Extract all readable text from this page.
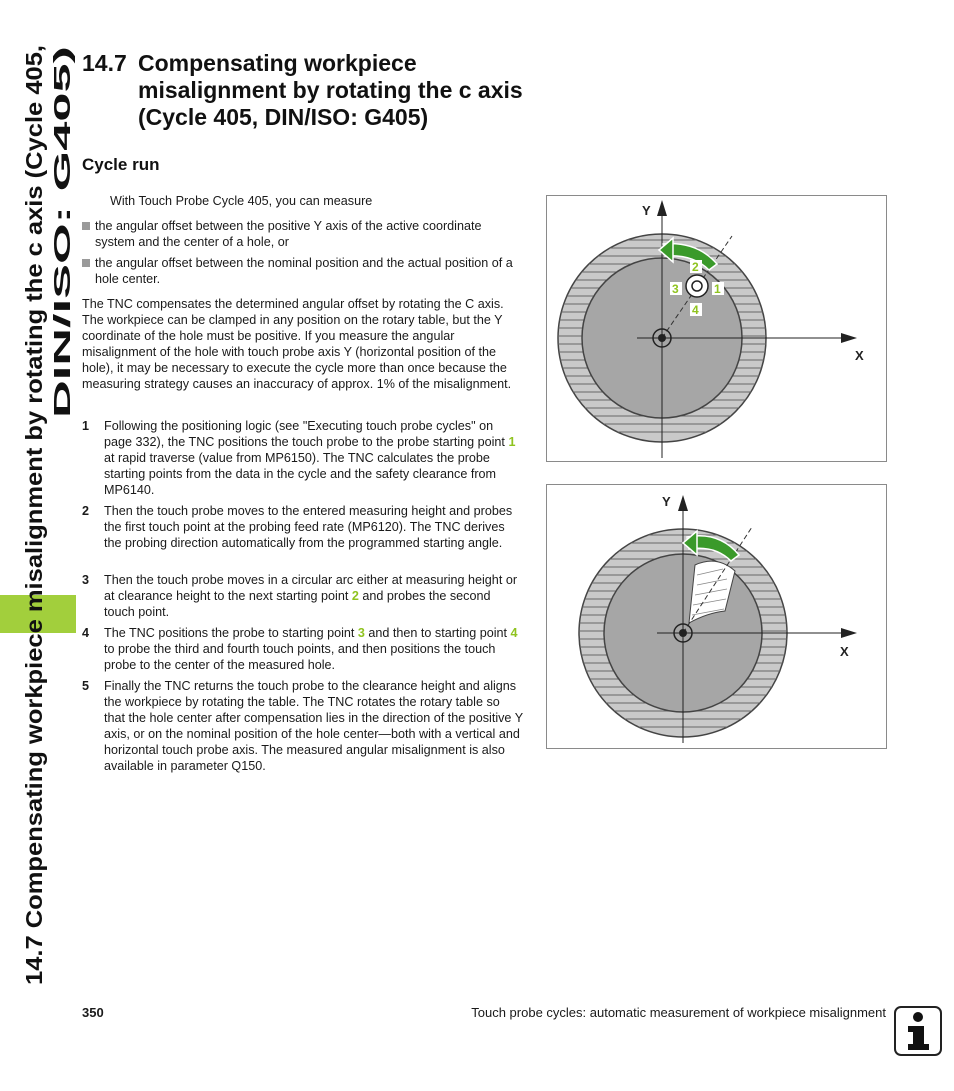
14.7 Compensating workpiece misalignment by rotating the c axis (Cycle 405, DIN/ISO: G405)
14.7 Compensating workpiece misalignment by rotating the c axis (Cycle 405, DIN/ISO: G405)
Cycle run
With Touch Probe Cycle 405, you can measure
the angular offset between the positive Y axis of the active coordinate system and the center of a hole, or
the angular offset between the nominal position and the actual position of a hole center.
The TNC compensates the determined angular offset by rotating the C axis. The workpiece can be clamped in any position on the rotary table, but the Y coordinate of the hole must be positive. If you measure the angular misalignment of the hole with touch probe axis Y (horizontal position of the hole), it may be necessary to execute the cycle more than once because the measuring strategy causes an inaccuracy of approx. 1% of the misalignment.
1 Following the positioning logic (see "Executing touch probe cycles" on page 332), the TNC positions the touch probe to the probe starting point 1 at rapid traverse (value from MP6150). The TNC calculates the probe starting points from the data in the cycle and the safety clearance from MP6140.
2 Then the touch probe moves to the entered measuring height and probes the first touch point at the probing feed rate (MP6120). The TNC derives the probing direction automatically from the programmed starting angle.
3 Then the touch probe moves in a circular arc either at measuring height or at clearance height to the next starting point 2 and probes the second touch point.
4 The TNC positions the probe to starting point 3 and then to starting point 4 to probe the third and fourth touch points, and then positions the touch probe to the center of the measured hole.
5 Finally the TNC returns the touch probe to the clearance height and aligns the workpiece by rotating the table. The TNC rotates the rotary table so that the hole center after compensation lies in the direction of the positive Y axis, or on the nominal position of the hole center—both with a vertical and horizontal touch probe axis. The measured angular misalignment is also available in parameter Q150.
2
3	1
4
Y
X
Y
X
350	Touch probe cycles: automatic measurement of workpiece misalignment
